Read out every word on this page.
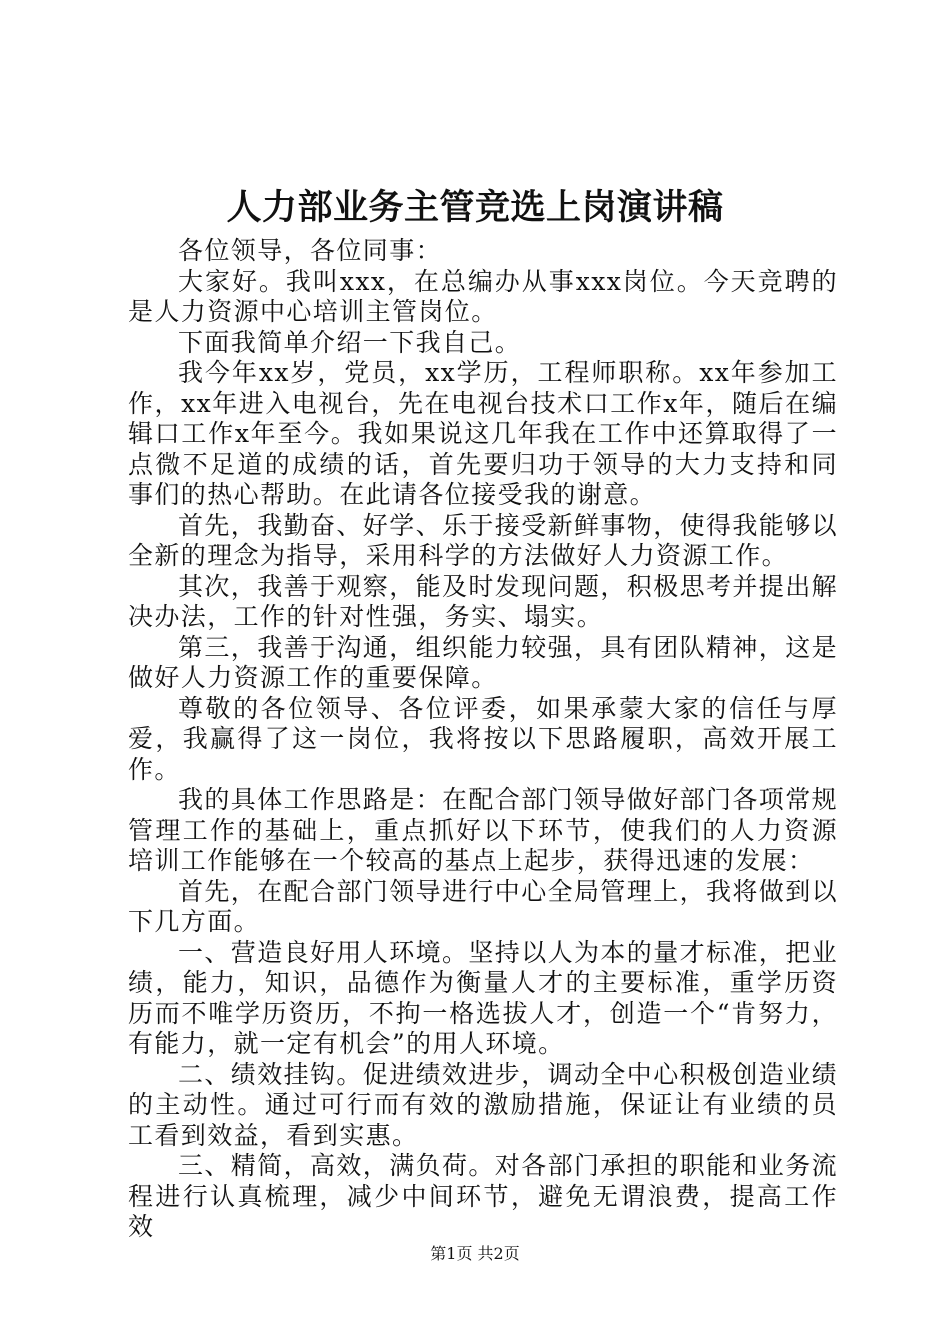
人力部业务主管竞选上岗演讲稿

各位领导，各位同事：

大家好。我叫xxx，在总编办从事xxx岗位。今天竞聘的是人力资源中心培训主管岗位。

下面我简单介绍一下我自己。

我今年xx岁，党员，xx学历，工程师职称。xx年参加工作，xx年进入电视台，先在电视台技术口工作x年，随后在编辑口工作x年至今。我如果说这几年我在工作中还算取得了一点微不足道的成绩的话，首先要归功于领导的大力支持和同事们的热心帮助。在此请各位接受我的谢意。

首先，我勤奋、好学、乐于接受新鲜事物，使得我能够以全新的理念为指导，采用科学的方法做好人力资源工作。

其次，我善于观察，能及时发现问题，积极思考并提出解决办法，工作的针对性强，务实、塌实。

第三，我善于沟通，组织能力较强，具有团队精神，这是做好人力资源工作的重要保障。

尊敬的各位领导、各位评委，如果承蒙大家的信任与厚爱，我赢得了这一岗位，我将按以下思路履职，高效开展工作。

我的具体工作思路是：在配合部门领导做好部门各项常规管理工作的基础上，重点抓好以下环节，使我们的人力资源培训工作能够在一个较高的基点上起步，获得迅速的发展：

首先，在配合部门领导进行中心全局管理上，我将做到以下几方面。

一、营造良好用人环境。坚持以人为本的量才标准，把业绩，能力，知识，品德作为衡量人才的主要标准，重学历资历而不唯学历资历，不拘一格选拔人才，创造一个“肯努力，有能力，就一定有机会”的用人环境。

二、绩效挂钩。促进绩效进步，调动全中心积极创造业绩的主动性。通过可行而有效的激励措施，保证让有业绩的员工看到效益，看到实惠。

三、精简，高效，满负荷。对各部门承担的职能和业务流程进行认真梳理，减少中间环节，避免无谓浪费，提高工作效

第1页 共2页
